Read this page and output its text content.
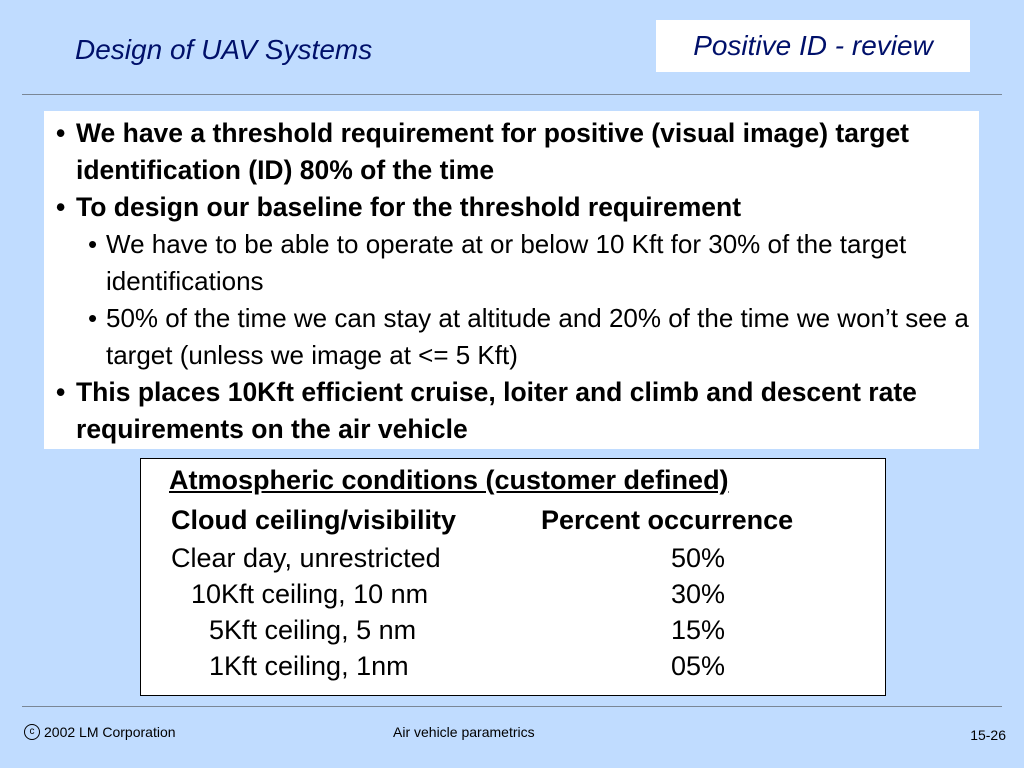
Design of UAV Systems	Positive ID - review
• We have a threshold requirement for positive (visual image) target identification (ID) 80% of the time
• To design our baseline for the threshold requirement
• We have to be able to operate at or below 10 Kft for 30% of the target identifications
• 50% of the time we can stay at altitude and 20% of the time we won’t see a target (unless we image at <= 5 Kft)
• This places 10Kft efficient cruise, loiter and climb and descent rate requirements on the air vehicle
Atmospheric conditions (customer defined)
Cloud ceiling/visibility	Percent occurrence
Clear day, unrestricted	50%
10Kft ceiling, 10 nm	30%
5Kft ceiling, 5 nm	15%
1Kft ceiling, 1nm	05%
c 2002 LM Corporation	Air vehicle parametrics	15-26
